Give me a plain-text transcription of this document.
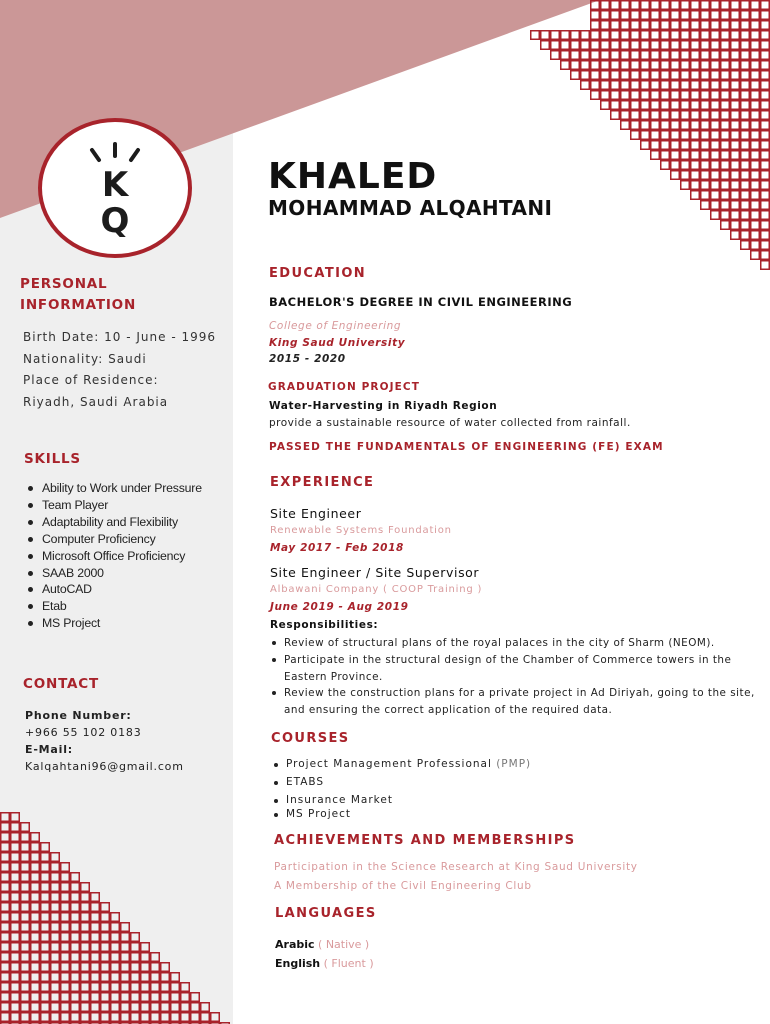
K
Q
PERSONAL
INFORMATION
Birth Date: 10 - June - 1996
Nationality: Saudi
Place of Residence:
Riyadh, Saudi Arabia
SKILLS
Ability to Work under Pressure
Team Player
Adaptability and Flexibility
Computer Proficiency
Microsoft Office Proficiency
SAAB 2000
AutoCAD
Etab
MS Project
CONTACT
Phone Number:
+966 55 102 0183
E-Mail:
Kalqahtani96@gmail.com
KHALED
MOHAMMAD ALQAHTANI
EDUCATION
BACHELOR'S DEGREE IN CIVIL ENGINEERING
College of Engineering
King Saud University
2015 - 2020
GRADUATION PROJECT
Water-Harvesting in Riyadh Region
provide a sustainable resource of water collected from rainfall.
PASSED THE FUNDAMENTALS OF ENGINEERING (FE) EXAM
EXPERIENCE
Site Engineer
Renewable Systems Foundation
May 2017 - Feb 2018
Site Engineer / Site Supervisor
Albawani Company ( COOP Training )
June 2019 - Aug 2019
Responsibilities:
Review of structural plans of the royal palaces in the city of Sharm (NEOM).
Participate in the structural design of the Chamber of Commerce towers in the Eastern Province.
Review the construction plans for a private project in Ad Diriyah, going to the site, and ensuring the correct application of the required data.
COURSES
Project Management Professional (PMP)
ETABS
Insurance Market
MS Project
ACHIEVEMENTS AND MEMBERSHIPS
Participation in the Science Research at King Saud University
A Membership of the Civil Engineering Club
LANGUAGES
Arabic ( Native )
English ( Fluent )
